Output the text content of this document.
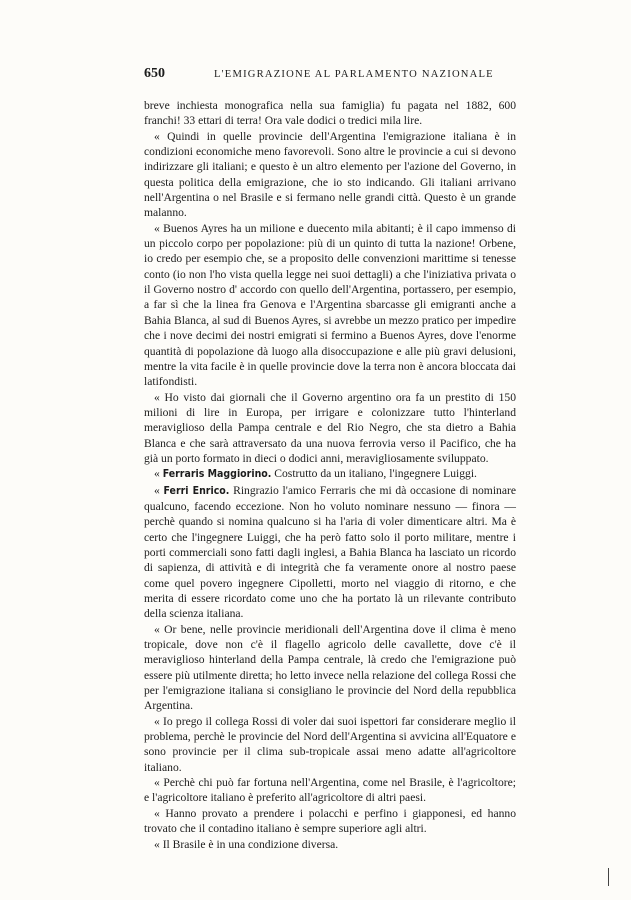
650	L'EMIGRAZIONE AL PARLAMENTO NAZIONALE

breve inchiesta monografica nella sua famiglia) fu pagata nel 1882, 600 franchi! 33 ettari di terra! Ora vale dodici o tredici mila lire.

« Quindi in quelle provincie dell'Argentina l'emigrazione italiana è in condizioni economiche meno favorevoli. Sono altre le provincie a cui si devono indirizzare gli italiani; e questo è un altro elemento per l'azione del Governo, in questa politica della emigrazione, che io sto indicando. Gli italiani arrivano nell'Argentina o nel Brasile e si fermano nelle grandi città. Questo è un grande malanno.

« Buenos Ayres ha un milione e duecento mila abitanti; è il capo immenso di un piccolo corpo per popolazione: più di un quinto di tutta la nazione! Orbene, io credo per esempio che, se a proposito delle convenzioni marittime si tenesse conto (io non l'ho vista quella legge nei suoi dettagli) a che l'iniziativa privata o il Governo nostro d' accordo con quello dell'Argentina, portassero, per esempio, a far sì che la linea fra Genova e l'Argentina sbarcasse gli emigranti anche a Bahia Blanca, al sud di Buenos Ayres, si avrebbe un mezzo pratico per impedire che i nove decimi dei nostri emigrati si fermino a Buenos Ayres, dove l'enorme quantità di popolazione dà luogo alla disoccupazione e alle più gravi delusioni, mentre la vita facile è in quelle provincie dove la terra non è ancora bloccata dai latifondisti.

« Ho visto dai giornali che il Governo argentino ora fa un prestito di 150 milioni di lire in Europa, per irrigare e colonizzare tutto l'hinterland meraviglioso della Pampa centrale e del Rio Negro, che sta dietro a Bahia Blanca e che sarà attraversato da una nuova ferrovia verso il Pacifico, che ha già un porto formato in dieci o dodici anni, meravigliosamente sviluppato.

« Ferraris Maggiorino. Costrutto da un italiano, l'ingegnere Luiggi.

« Ferri Enrico. Ringrazio l'amico Ferraris che mi dà occasione di nominare qualcuno, facendo eccezione. Non ho voluto nominare nessuno — finora — perchè quando si nomina qualcuno si ha l'aria di voler dimenticare altri. Ma è certo che l'ingegnere Luiggi, che ha però fatto solo il porto militare, mentre i porti commerciali sono fatti dagli inglesi, a Bahia Blanca ha lasciato un ricordo di sapienza, di attività e di integrità che fa veramente onore al nostro paese come quel povero ingegnere Cipolletti, morto nel viaggio di ritorno, e che merita di essere ricordato come uno che ha portato là un rilevante contributo della scienza italiana.

« Or bene, nelle provincie meridionali dell'Argentina dove il clima è meno tropicale, dove non c'è il flagello agricolo delle cavallette, dove c'è il meraviglioso hinterland della Pampa centrale, là credo che l'emigrazione può essere più utilmente diretta; ho letto invece nella relazione del collega Rossi che per l'emigrazione italiana si consigliano le provincie del Nord della repubblica Argentina.

« Io prego il collega Rossi di voler dai suoi ispettori far considerare meglio il problema, perchè le provincie del Nord dell'Argentina si avvicina all'Equatore e sono provincie per il clima sub-tropicale assai meno adatte all'agricoltore italiano.

« Perchè chi può far fortuna nell'Argentina, come nel Brasile, è l'agricoltore; e l'agricoltore italiano è preferito all'agricoltore di altri paesi.

« Hanno provato a prendere i polacchi e perfino i giapponesi, ed hanno trovato che il contadino italiano è sempre superiore agli altri.

« Il Brasile è in una condizione diversa.
